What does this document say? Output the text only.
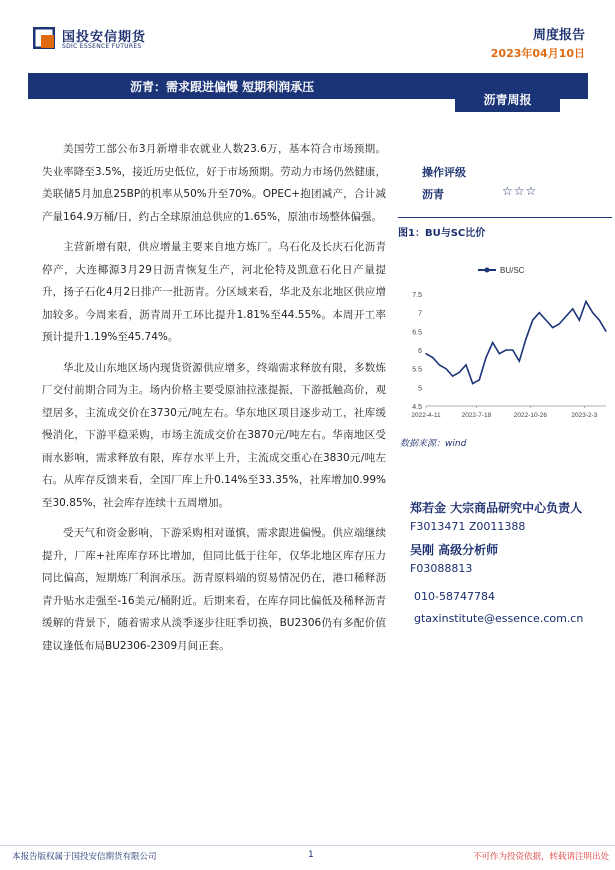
国投安信期货
SDIC ESSENCE FUTURES
周度报告
2023年04月10日
沥青：需求跟进偏慢 短期利润承压
沥青周报

美国劳工部公布3月新增非农就业人数23.6万，基本符合市场预期。失业率降至3.5%，接近历史低位，好于市场预期。劳动力市场仍然健康，美联储5月加息25BP的机率从50%升至70%。OPEC+抱团减产，合计减产量164.9万桶/日，约占全球原油总供应的1.65%，原油市场整体偏强。

主营新增有限，供应增量主要来自地方炼厂。乌石化及长庆石化沥青停产，大连椰源3月29日沥青恢复生产，河北伦特及凯意石化日产量提升，扬子石化4月2日排产一批沥青。分区域来看，华北及东北地区供应增加较多。今周来看，沥青周开工环比提升1.81%至44.55%。本周开工率预计提升1.19%至45.74%。

华北及山东地区场内现货资源供应增多，终端需求释放有限，多数炼厂交付前期合同为主。场内价格主要受原油拉涨提振，下游抵触高价，观望居多，主流成交价在3730元/吨左右。华东地区项目逐步动工，社库缓慢消化，下游平稳采购，市场主流成交价在3870元/吨左右。华南地区受雨水影响，需求释放有限，库存水平上升，主流成交重心在3830元/吨左右。从库存反馈来看，全国厂库上升0.14%至33.35%，社库增加0.99%至30.85%，社会库存连续十五周增加。

受天气和资金影响，下游采购相对谨慎，需求跟进偏慢。供应端继续提升，厂库+社库库存环比增加，但同比低于往年，仅华北地区库存压力同比偏高，短期炼厂利润承压。沥青原料端的贸易情况仍在，港口稀释沥青升贴水走强至-16美元/桶附近。后期来看，在库存同比偏低及稀释沥青缓解的背景下，随着需求从淡季逐步往旺季切换，BU2306仍有多配价值建议逢低布局BU2306-2309月间正套。

操作评级
沥青	☆☆☆
图1：BU与SC比价
BU/SC
4.5
5
5.5
6
6.5
7
7.5
2022-4-11	2022-7-18	2022-10-26	2023-2-3
数据来源：wind
郑若金 大宗商品研究中心负责人
F3013471 Z0011388
吴刚 高级分析师
F03088813
010-58747784
gtaxinstitute@essence.com.cn
本报告版权属于国投安信期货有限公司	1	不可作为投资依据，转载请注明出处
